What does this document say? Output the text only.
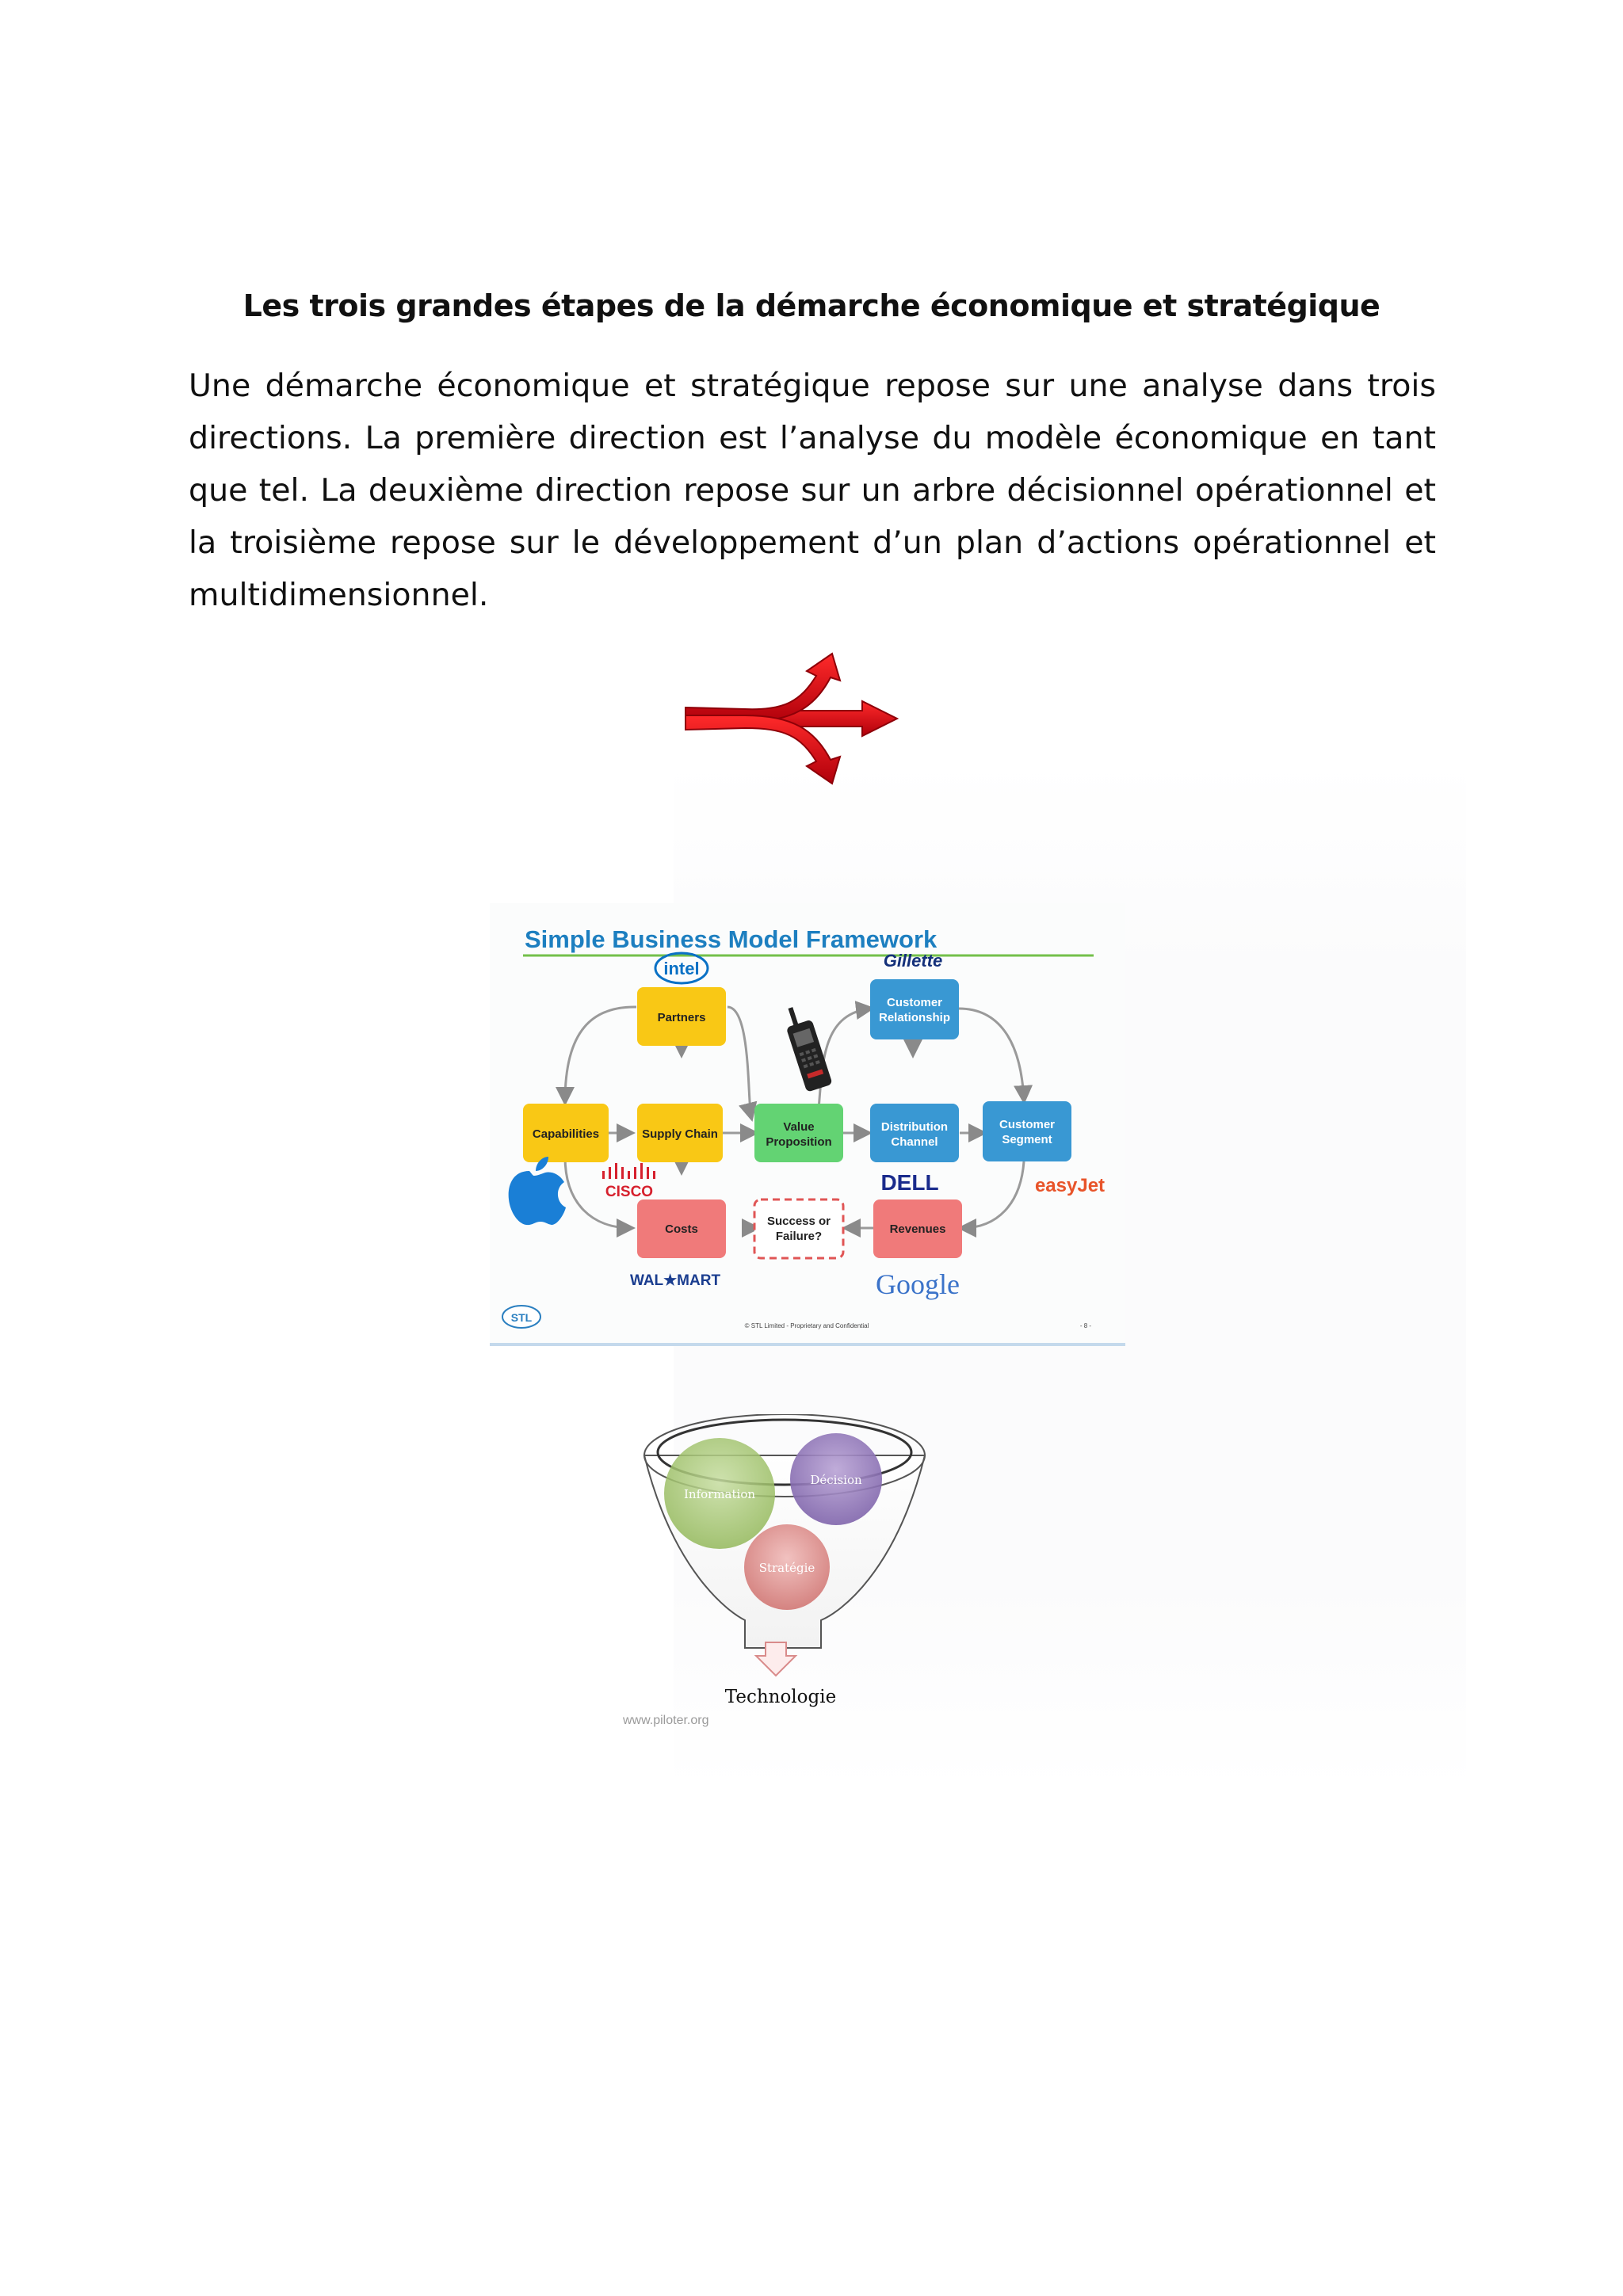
Les trois grandes étapes de la démarche économique et stratégique

Une démarche économique et stratégique repose sur une analyse dans trois directions. La première direction est l’analyse du modèle économique en tant que tel. La deuxième direction repose sur un arbre décisionnel opérationnel et la troisième repose sur le développement d’un plan d’actions opérationnel et multidimensionnel.

Simple Business Model Framework
Partners
Capabilities	Supply Chain
Value
Proposition
Customer
Relationship
Distribution
Channel
Customer
Segment
Costs
Success or
Failure?
Revenues
intel	Gillette
CISCO	DELL	easyJet
WAL★MART	Google
STL
© STL Limited - Proprietary and Confidential	- 8 -
Information
Décision
Stratégie
Technologie
www.piloter.org
